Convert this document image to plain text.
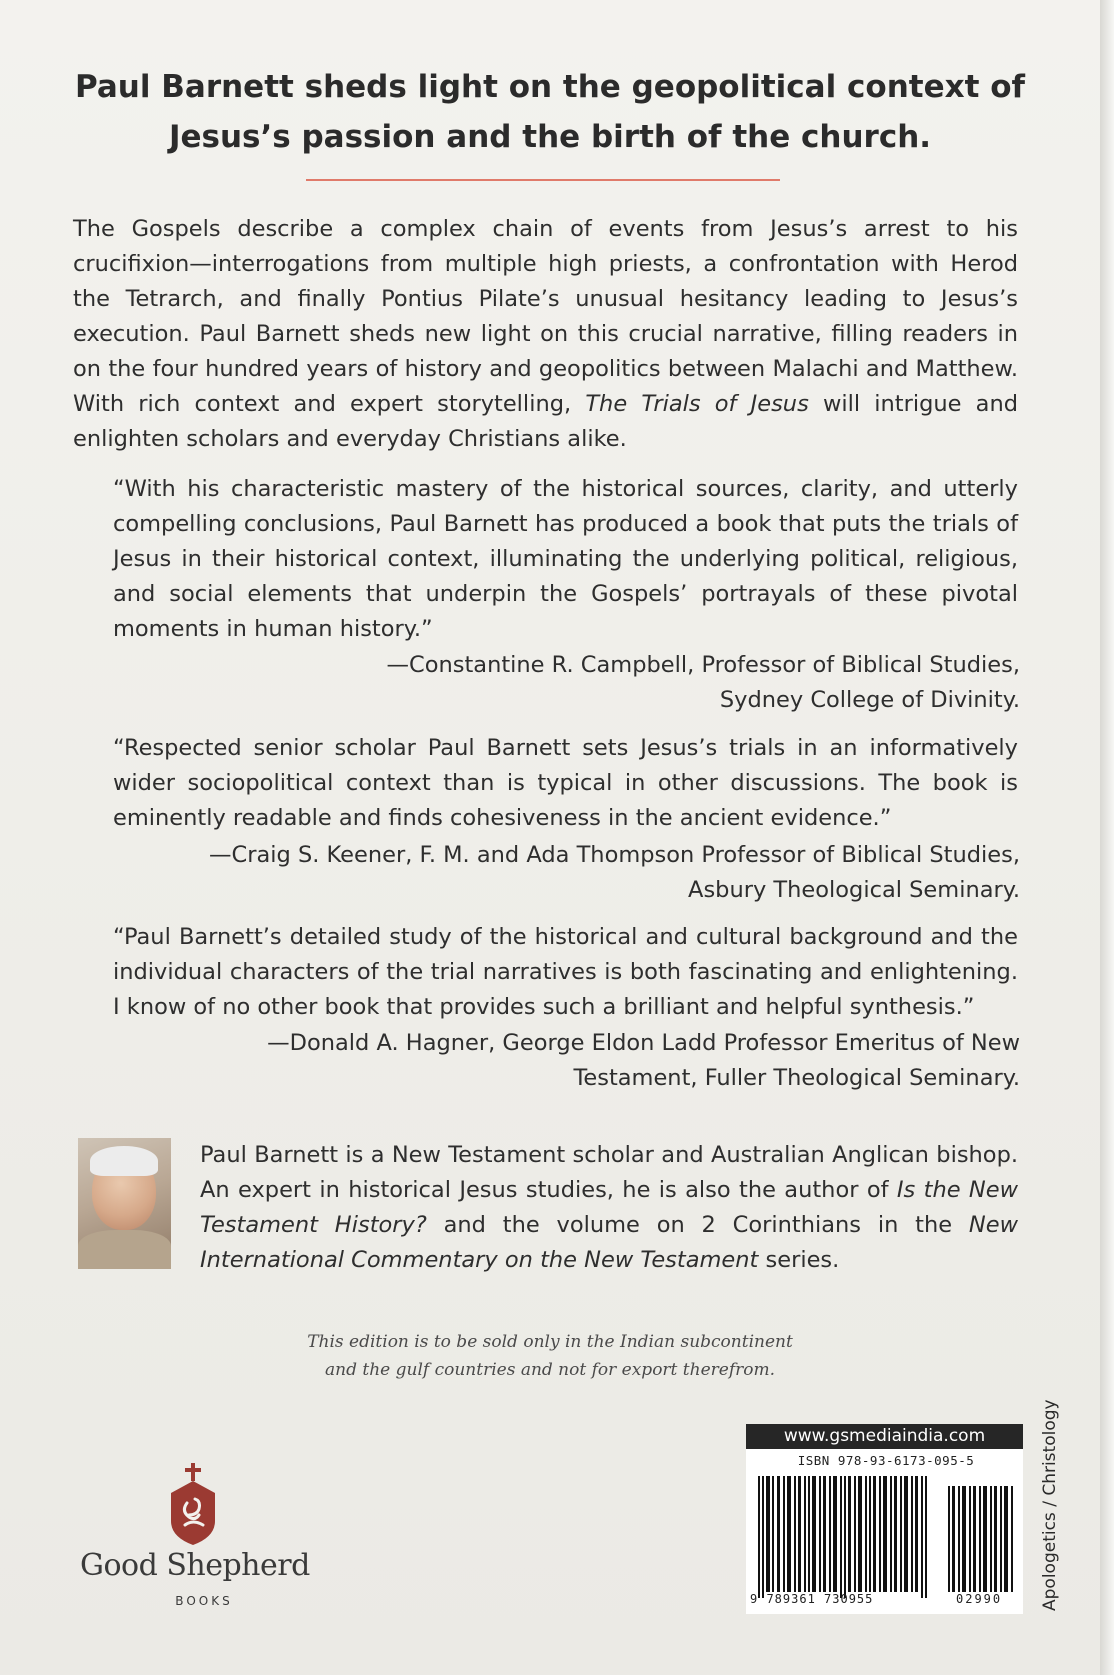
Paul Barnett sheds light on the geopolitical context of
Jesus’s passion and the birth of the church.

The Gospels describe a complex chain of events from Jesus’s arrest to his crucifixion—interrogations from multiple high priests, a confrontation with Herod the Tetrarch, and finally Pontius Pilate’s unusual hesitancy leading to Jesus’s execution. Paul Barnett sheds new light on this crucial narrative, filling readers in on the four hundred years of history and geopolitics between Malachi and Matthew. With rich context and expert storytelling, The Trials of Jesus will intrigue and enlighten scholars and everyday Christians alike.

“With his characteristic mastery of the historical sources, clarity, and utterly compelling conclusions, Paul Barnett has produced a book that puts the trials of Jesus in their historical context, illuminating the underlying political, religious, and social elements that underpin the Gospels’ portrayals of these pivotal moments in human history.”

—Constantine R. Campbell, Professor of Biblical Studies,
Sydney College of Divinity.

“Respected senior scholar Paul Barnett sets Jesus’s trials in an informatively wider sociopolitical context than is typical in other discussions. The book is eminently readable and finds cohesiveness in the ancient evidence.”

—Craig S. Keener, F. M. and Ada Thompson Professor of Biblical Studies,
Asbury Theological Seminary.

“Paul Barnett’s detailed study of the historical and cultural background and the individual characters of the trial narratives is both fascinating and enlightening. I know of no other book that provides such a brilliant and helpful synthesis.”

—Donald A. Hagner, George Eldon Ladd Professor Emeritus of New
Testament, Fuller Theological Seminary.

Paul Barnett is a New Testament scholar and Australian Anglican bishop. An expert in historical Jesus studies, he is also the author of Is the New Testament History? and the volume on 2 Corinthians in the New International Commentary on the New Testament series.

This edition is to be sold only in the Indian subcontinent
and the gulf countries and not for export therefrom.
Good Shepherd
BOOKS
www.gsmediaindia.com
ISBN 978-93-6173-095-5
9 789361 730955	02990	Apologetics / Christology
